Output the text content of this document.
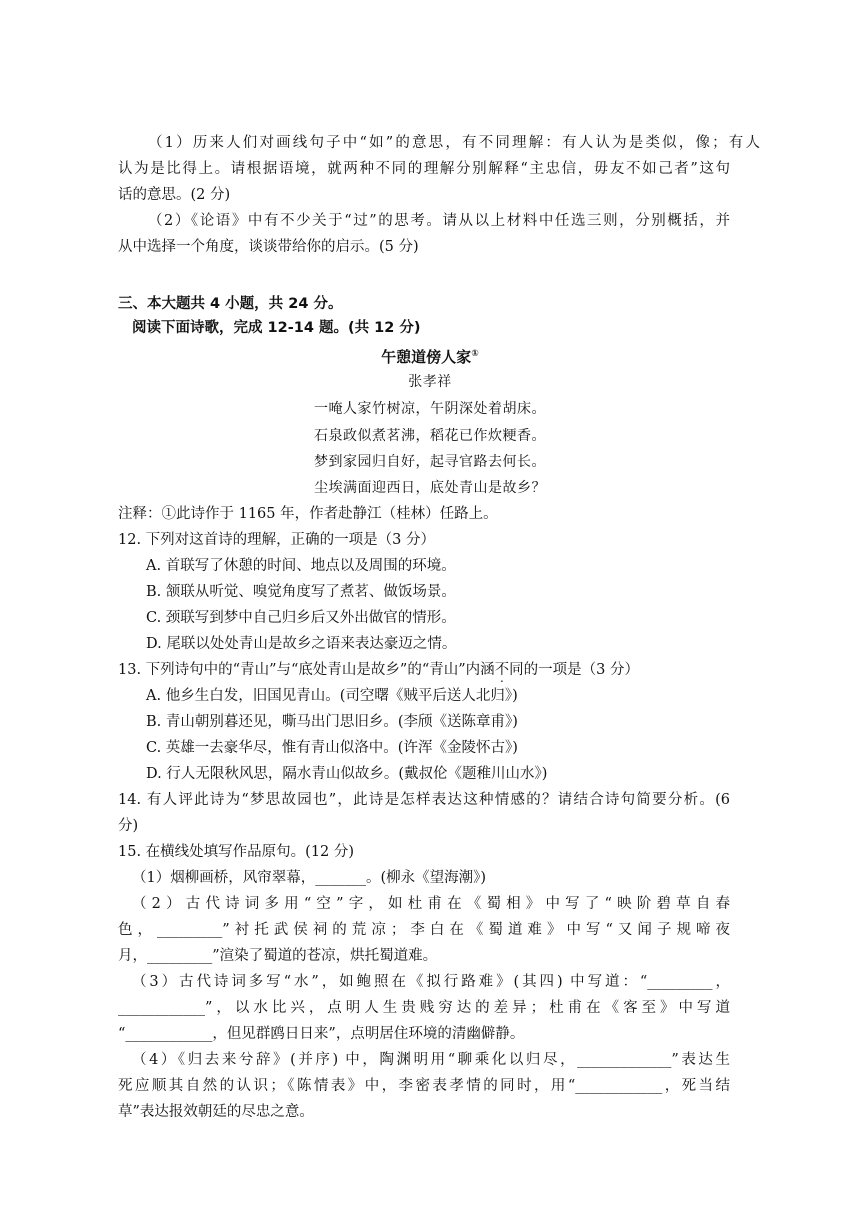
（1）历来人们对画线句子中“如”的意思，有不同理解：有人认为是类似，像；有人
认为是比得上。请根据语境，就两种不同的理解分别解释“主忠信，毋友不如己者”这句
话的意思。(2 分)
（2）《论语》中有不少关于“过”的思考。请从以上材料中任选三则，分别概括，并
从中选择一个角度，谈谈带给你的启示。(5 分)
三、本大题共 4 小题，共 24 分。
阅读下面诗歌，完成 12-14 题。(共 12 分)
午憩道傍人家①
张孝祥
一唵人家竹树凉，午阴深处着胡床。
石泉政似煮茗沸，稻花已作炊粳香。
梦到家园归自好，起寻官路去何长。
尘埃满面迎西日，底处青山是故乡？
注释：①此诗作于 1165 年，作者赴静江（桂林）任路上。
12. 下列对这首诗的理解，正确的一项是（3 分）
A. 首联写了休憩的时间、地点以及周围的环境。
B. 颔联从听觉、嗅觉角度写了煮茗、做饭场景。
C. 颈联写到梦中自己归乡后又外出做官的情形。
D. 尾联以处处青山是故乡之语来表达豪迈之情。
13. 下列诗句中的“青山”与“底处青山是故乡”的“青山”内涵不同的一项是（3 分）
A. 他乡生白发，旧国见青山。(司空曙《贼平后送人北归》)
B. 青山朝别暮还见，嘶马出门思旧乡。(李颀《送陈章甫》)
C. 英雄一去豪华尽，惟有青山似洛中。(许浑《金陵怀古》)
D. 行人无限秋风思，隔水青山似故乡。(戴叔伦《题稚川山水》)
14. 有人评此诗为“梦思故园也”，此诗是怎样表达这种情感的？请结合诗句简要分析。(6
分)
15. 在横线处填写作品原句。(12 分)
（1）烟柳画桥，风帘翠幕，_______。(柳永《望海潮》)
（2）古代诗词多用“空”字，如杜甫在《蜀相》中写了“映阶碧草自春
色，_________”衬托武侯祠的荒凉；李白在《蜀道难》中写“又闻子规啼夜
月，_________”渲染了蜀道的苍凉，烘托蜀道难。
（3）古代诗词多写“水”，如鲍照在《拟行路难》(其四) 中写道：“_________，
____________”，以水比兴，点明人生贵贱穷达的差异；杜甫在《客至》中写道
“____________，但见群鸥日日来”，点明居住环境的清幽僻静。
（4）《归去来兮辞》(并序) 中，陶渊明用“聊乘化以归尽，_____________”表达生
死应顺其自然的认识；《陈情表》中，李密表孝情的同时，用“____________，死当结
草”表达报效朝廷的尽忠之意。
